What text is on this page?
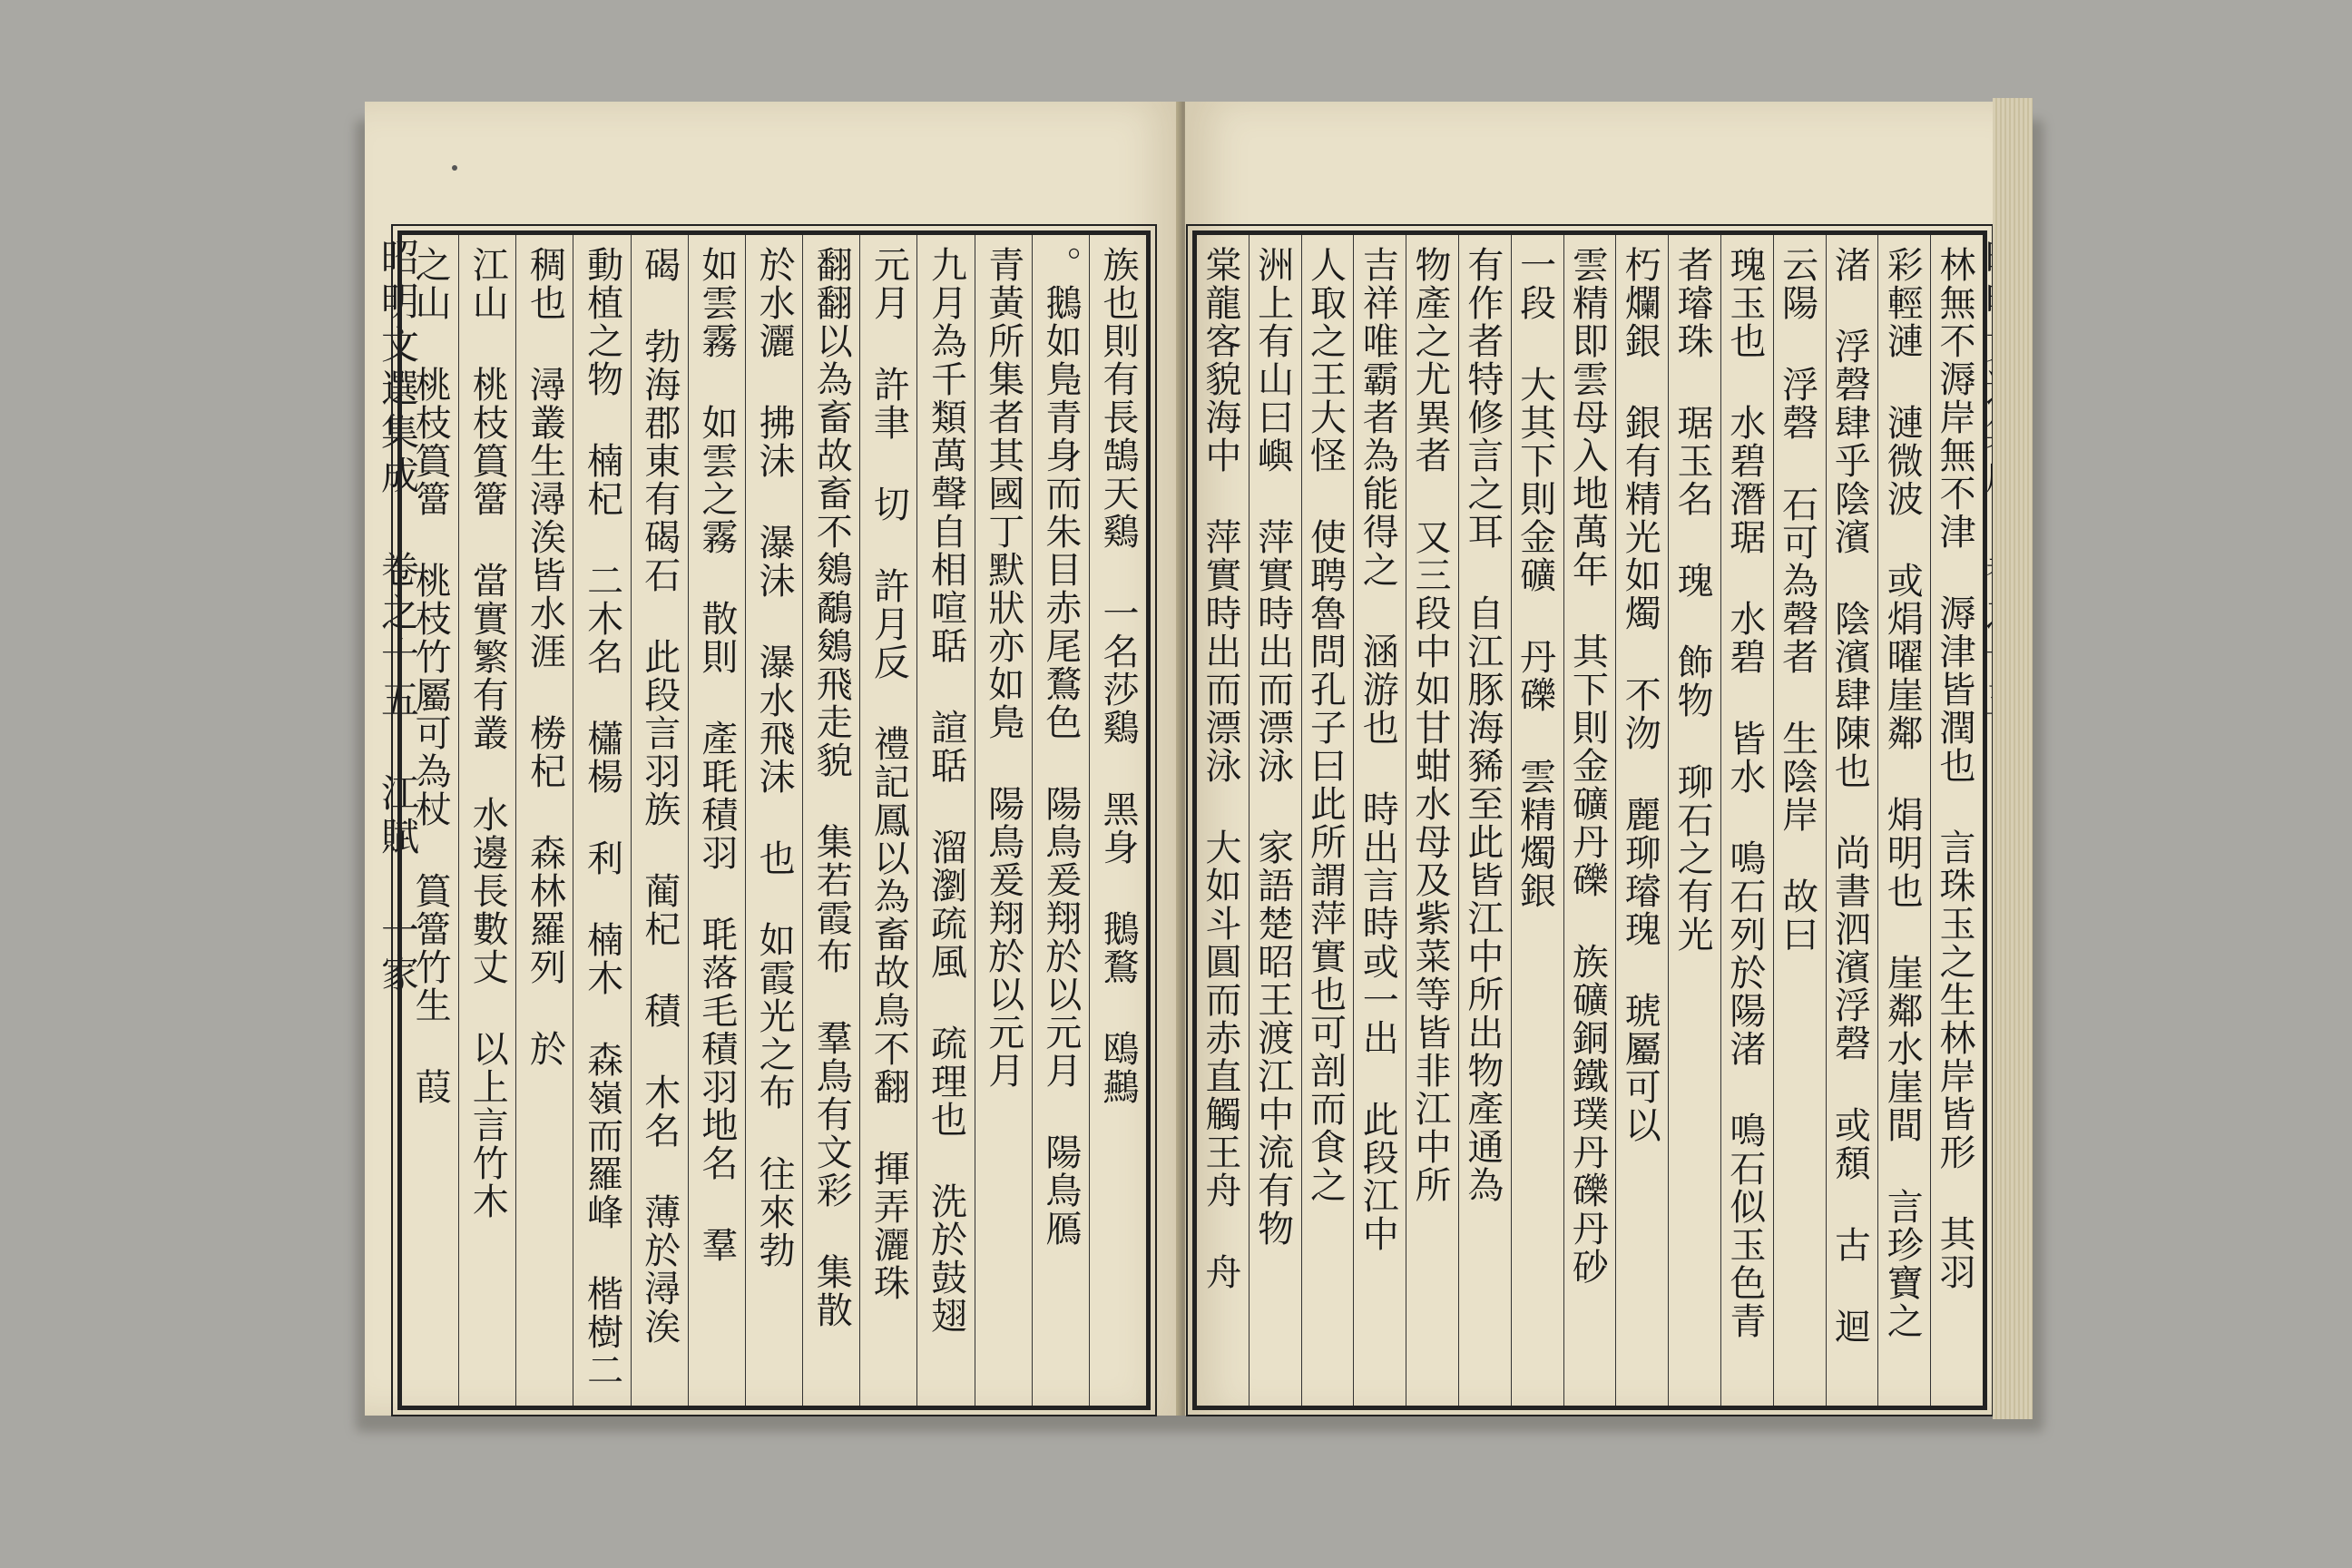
昭明文選集成 卷之十五 江賦 一家	族也則有長鵠天鷄 一名莎鷄 黑身 鵝鶩 鴎䴏
。鵝如鳬青身而朱目赤尾鶩色 陽鳥爰翔於以元月 陽鳥鴈
青黃所集者其國丁默狀亦如鳬 陽鳥爰翔於以元月
九月為千類萬聲自相喧聒 諠聒 溜瀏疏風 疏理也 洗於鼓翅
元月 許聿 切 許月反 禮記鳳以為畜故鳥不翻 揮弄灑珠
翻翻以為畜故畜不鵕鷸鵕飛走貌 集若霞布 羣鳥有文彩 集散
於水灑 拂沬 瀑沬 瀑水飛沫 也 如霞光之布 往來勃
如雲霧 如雲之霧 散則 產毦積羽 毦落毛積羽地名 羣
碣 勃海郡東有碣石 此段言羽族 蔺杞 積 木名 薄於潯涘
動植之物 楠杞 二木名 櫹楊 利 楠木 森嶺而羅峰 楷樹二
稠也 潯叢生潯涘皆水涯 椦杞 森林羅列 於
江山 桃枝篔簹 當實繁有叢 水邊長數丈 以上言竹木
之山 桃枝篔簹 桃枝竹屬可為杖 篔簹竹生 葭	林無不溽岸無不津 溽津皆潤也 言珠玉之生林岸皆形 其羽
彩輕漣 漣微波 或焆曜崖鄰 焆明也 崖鄰水崖間 言珍寶之
渚 浮磬肆乎陰濱 陰濱肆陳也 尚書泗濱浮磬 或頹 古 迴
云陽 浮磬 石可為磬者 生陰岸 故曰
瑰玉也 水碧潛琚 水碧 皆水 鳴石列於陽渚 鳴石似玉色青
者璿珠 琚玉名 瑰 飾物 珋石之有光
朽爛銀 銀有精光如燭 不沕 麗珋璿瑰 琥屬可以
雲精即雲母入地萬年 其下則金礦丹礫 族礦銅鐵璞丹礫丹砂
一段 大其下則金礦 丹礫 雲精燭銀
有作者特修言之耳 自江豚海豨至此皆江中所出物產通為
物產之尤異者 又三段中如甘蚶水母及紫菜等皆非江中所
吉祥唯霸者為能得之 涵游也 時出言時或一出 此段江中
人取之王大怪 使聘魯問孔子曰此所謂萍實也可剖而食之
洲上有山曰嶼 萍實時出而漂泳 家語楚昭王渡江中流有物
棠龍客貌海中 萍實時出而漂泳 大如斗圓而赤直觸王舟 舟
